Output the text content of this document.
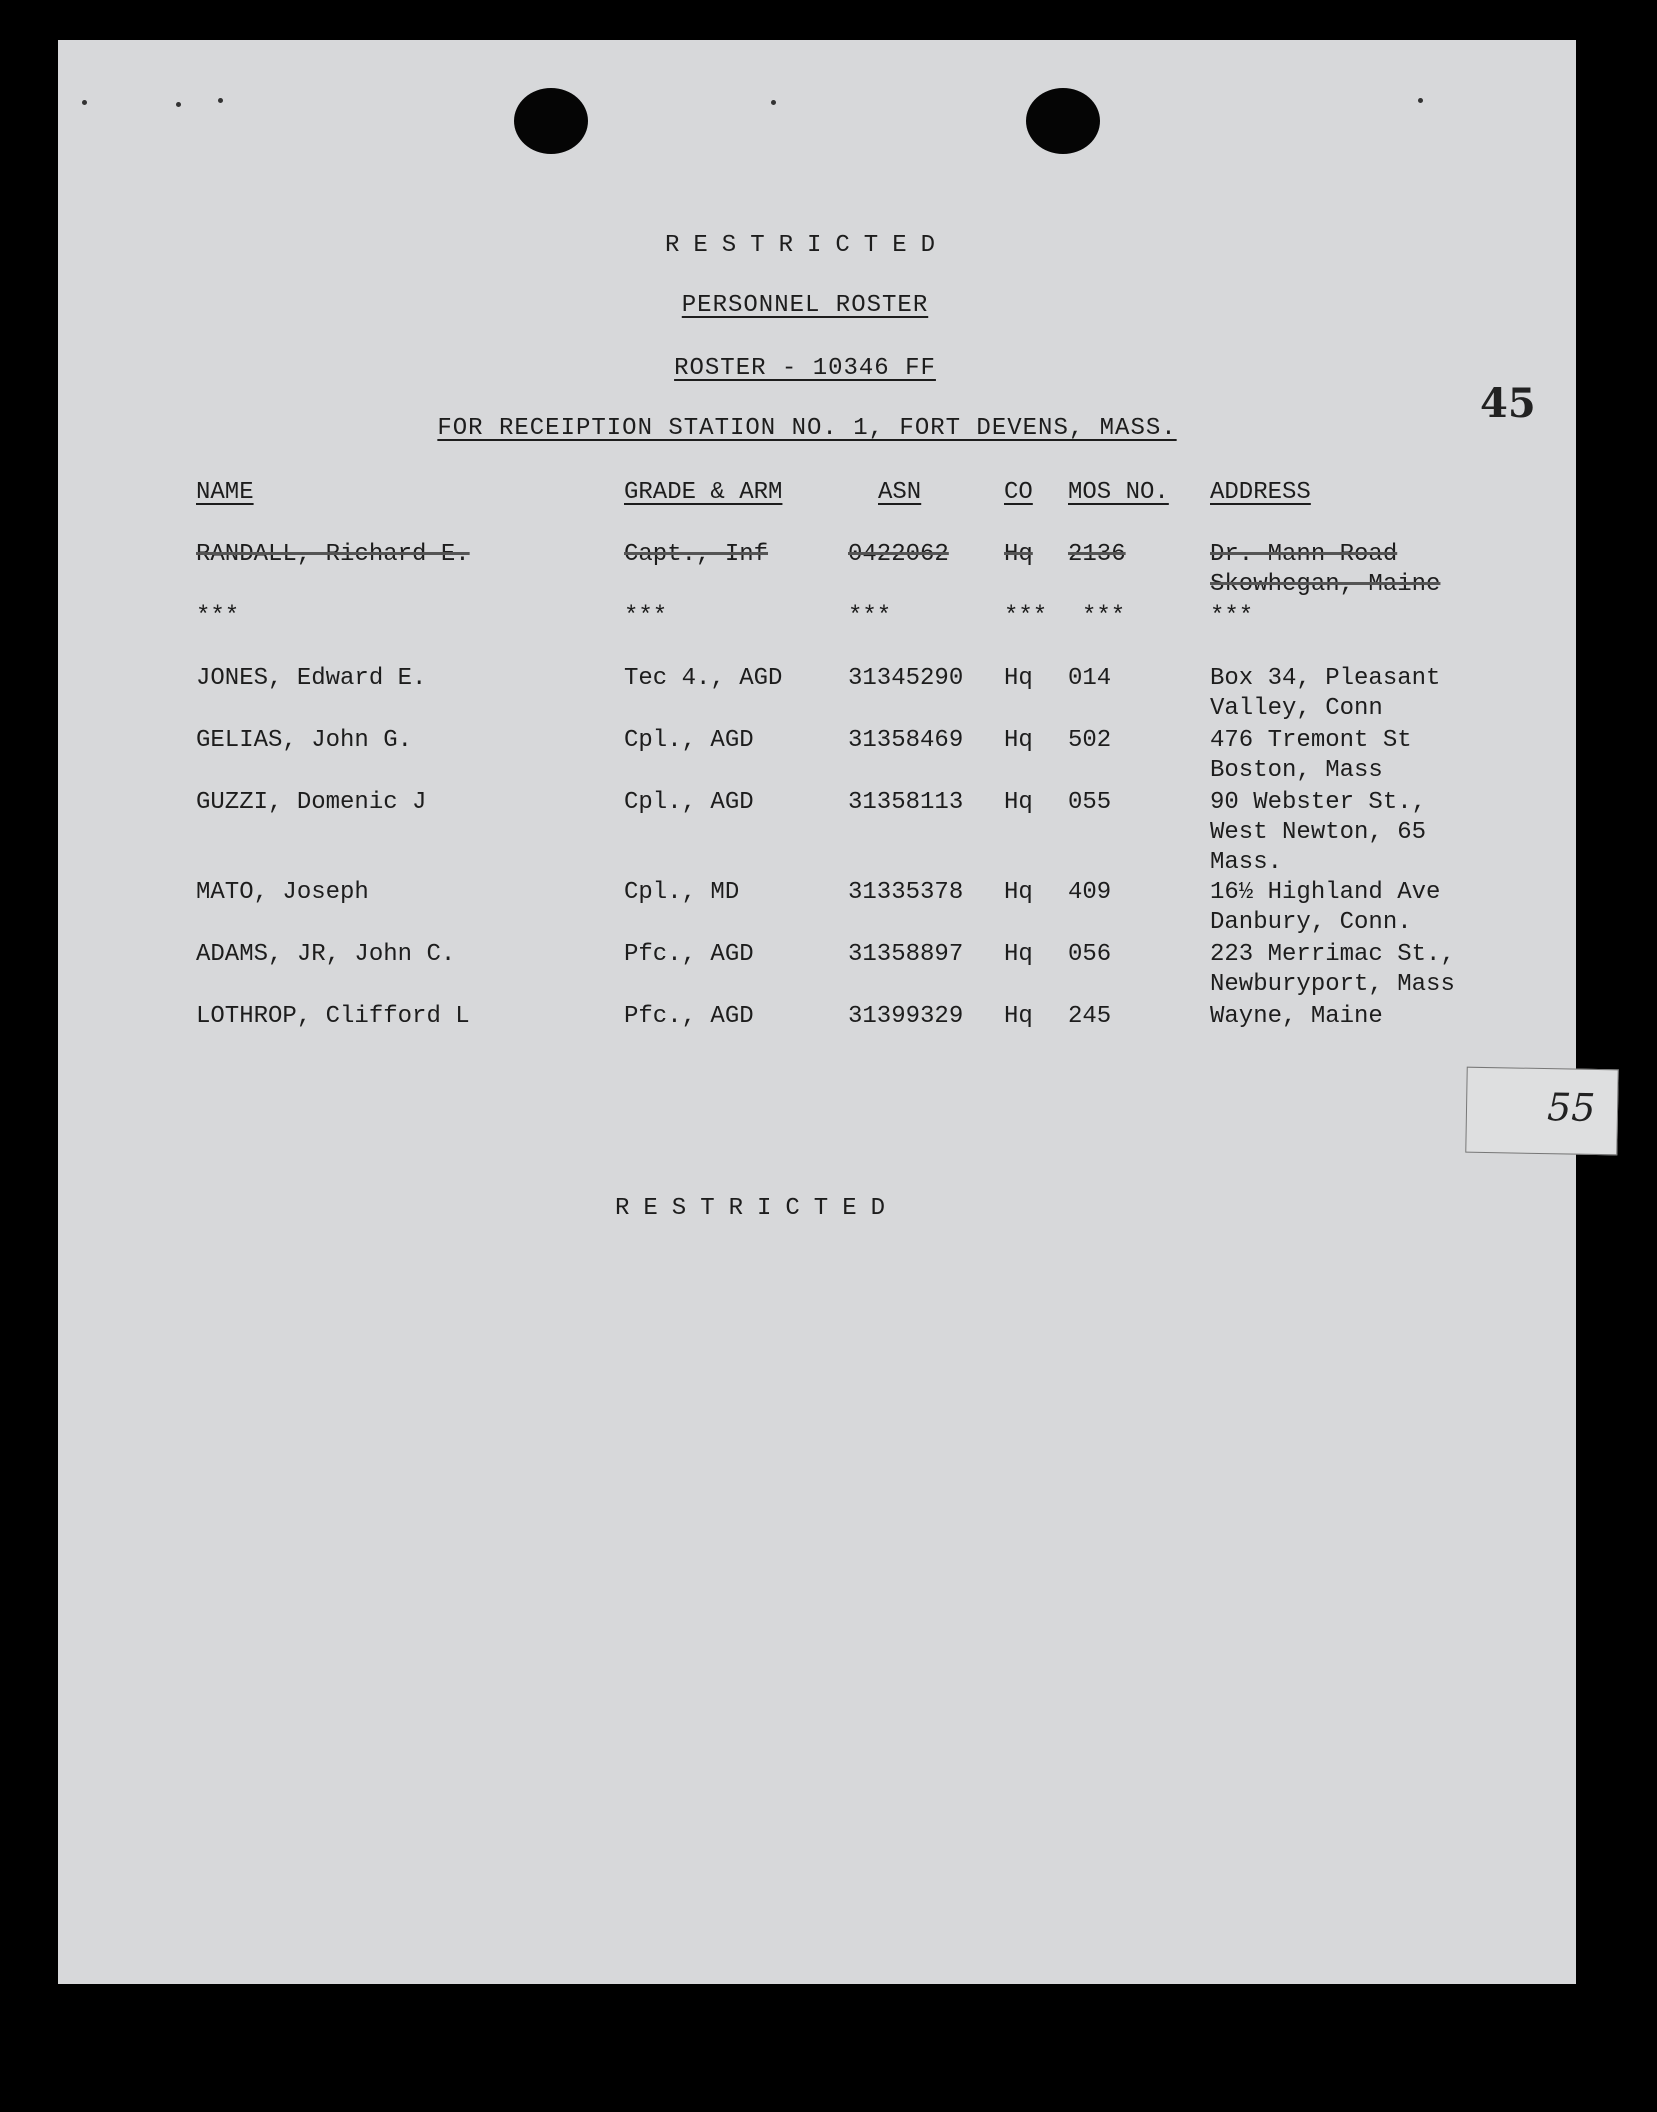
RESTRICTED
PERSONNEL ROSTER
ROSTER - 10346 FF
FOR RECEIPTION STATION NO. 1, FORT DEVENS, MASS.
45
NAME	GRADE & ARM	ASN	CO MOS NO. ADDRESS
RANDALL, Richard E.	Capt., Inf	0422062 Hq 2136	Dr. Mann Road
Skowhegan, Maine
***	***	***	*** ***	***
JONES, Edward E.	Tec 4., AGD	31345290 Hq 014	Box 34, Pleasant
Valley, Conn
GELIAS, John G.	Cpl., AGD	31358469 Hq 502	476 Tremont St
Boston, Mass
GUZZI, Domenic J	Cpl., AGD	31358113 Hq 055	90 Webster St.,
West Newton, 65
Mass.
MATO, Joseph	Cpl., MD	31335378 Hq 409	16½ Highland Ave
Danbury, Conn.
ADAMS, JR, John C.	Pfc., AGD	31358897 Hq 056	223 Merrimac St.,
Newburyport, Mass
LOTHROP, Clifford L	Pfc., AGD	31399329 Hq 245	Wayne, Maine
55
RESTRICTED
